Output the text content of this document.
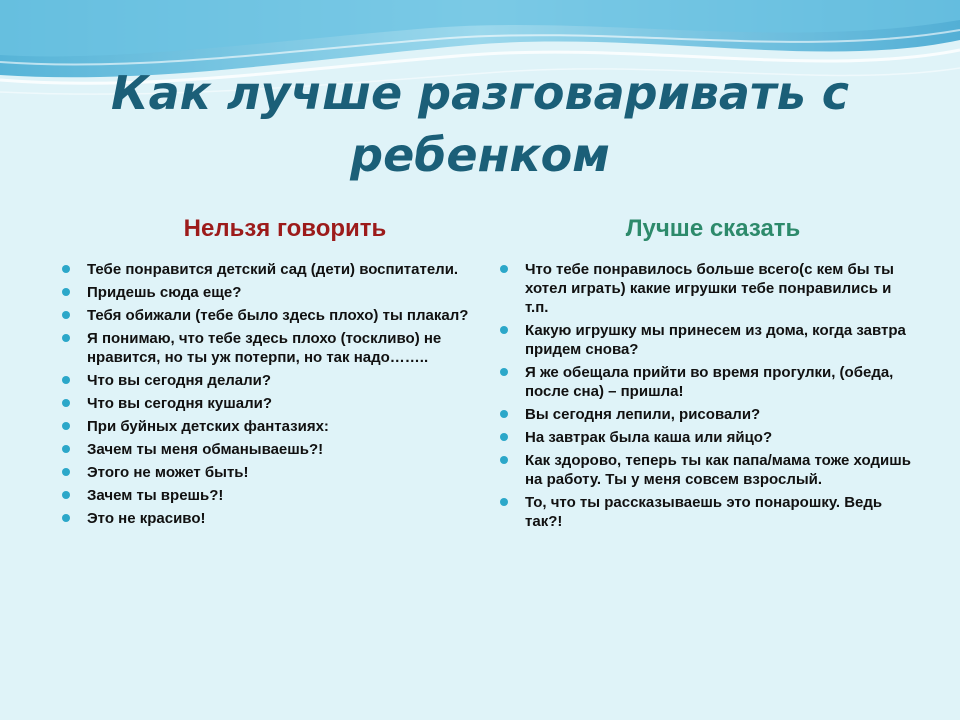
Как лучше разговаривать с ребенком
Нельзя говорить
Тебе понравится детский сад (дети) воспитатели.
Придешь сюда еще?
Тебя обижали (тебе было здесь плохо) ты плакал?
Я понимаю, что тебе здесь плохо (тоскливо) не нравится, но ты уж потерпи, но так надо……..
Что вы сегодня делали?
Что вы сегодня кушали?
При буйных детских фантазиях:
Зачем ты меня обманываешь?!
Этого не может быть!
Зачем ты врешь?!
Это не красиво!
Лучше сказать
Что тебе понравилось больше всего(с кем бы ты хотел играть) какие игрушки тебе понравились и т.п.
Какую игрушку мы принесем из дома, когда завтра придем снова?
Я же обещала прийти во время прогулки, (обеда, после сна) – пришла!
Вы сегодня лепили, рисовали?
На завтрак была каша или яйцо?
Как здорово, теперь ты как папа/мама тоже ходишь на работу. Ты у меня совсем взрослый.
То, что ты рассказываешь это понарошку. Ведь так?!
